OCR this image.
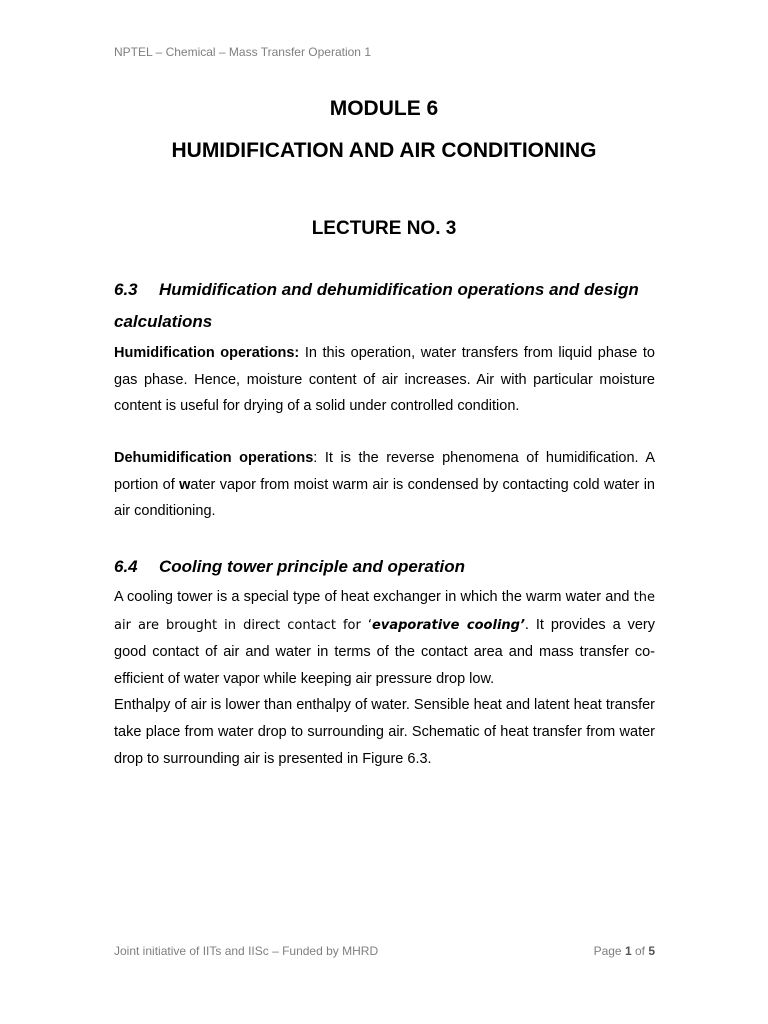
NPTEL – Chemical – Mass Transfer Operation 1
MODULE 6
HUMIDIFICATION AND AIR CONDITIONING
LECTURE NO. 3
6.3 Humidification and dehumidification operations and design
calculations
Humidification operations: In this operation, water transfers from liquid phase to gas phase. Hence, moisture content of air increases. Air with particular moisture content is useful for drying of a solid under controlled condition.
Dehumidification operations: It is the reverse phenomena of humidification. A portion of water vapor from moist warm air is condensed by contacting cold water in air conditioning.
6.4 Cooling tower principle and operation
A cooling tower is a special type of heat exchanger in which the warm water and the air are brought in direct contact for ‘evaporative cooling’. It provides a very good contact of air and water in terms of the contact area and mass transfer co-efficient of water vapor while keeping air pressure drop low.
Enthalpy of air is lower than enthalpy of water. Sensible heat and latent heat transfer take place from water drop to surrounding air. Schematic of heat transfer from water drop to surrounding air is presented in Figure 6.3.
Joint initiative of IITs and IISc – Funded by MHRD	Page 1 of 5
